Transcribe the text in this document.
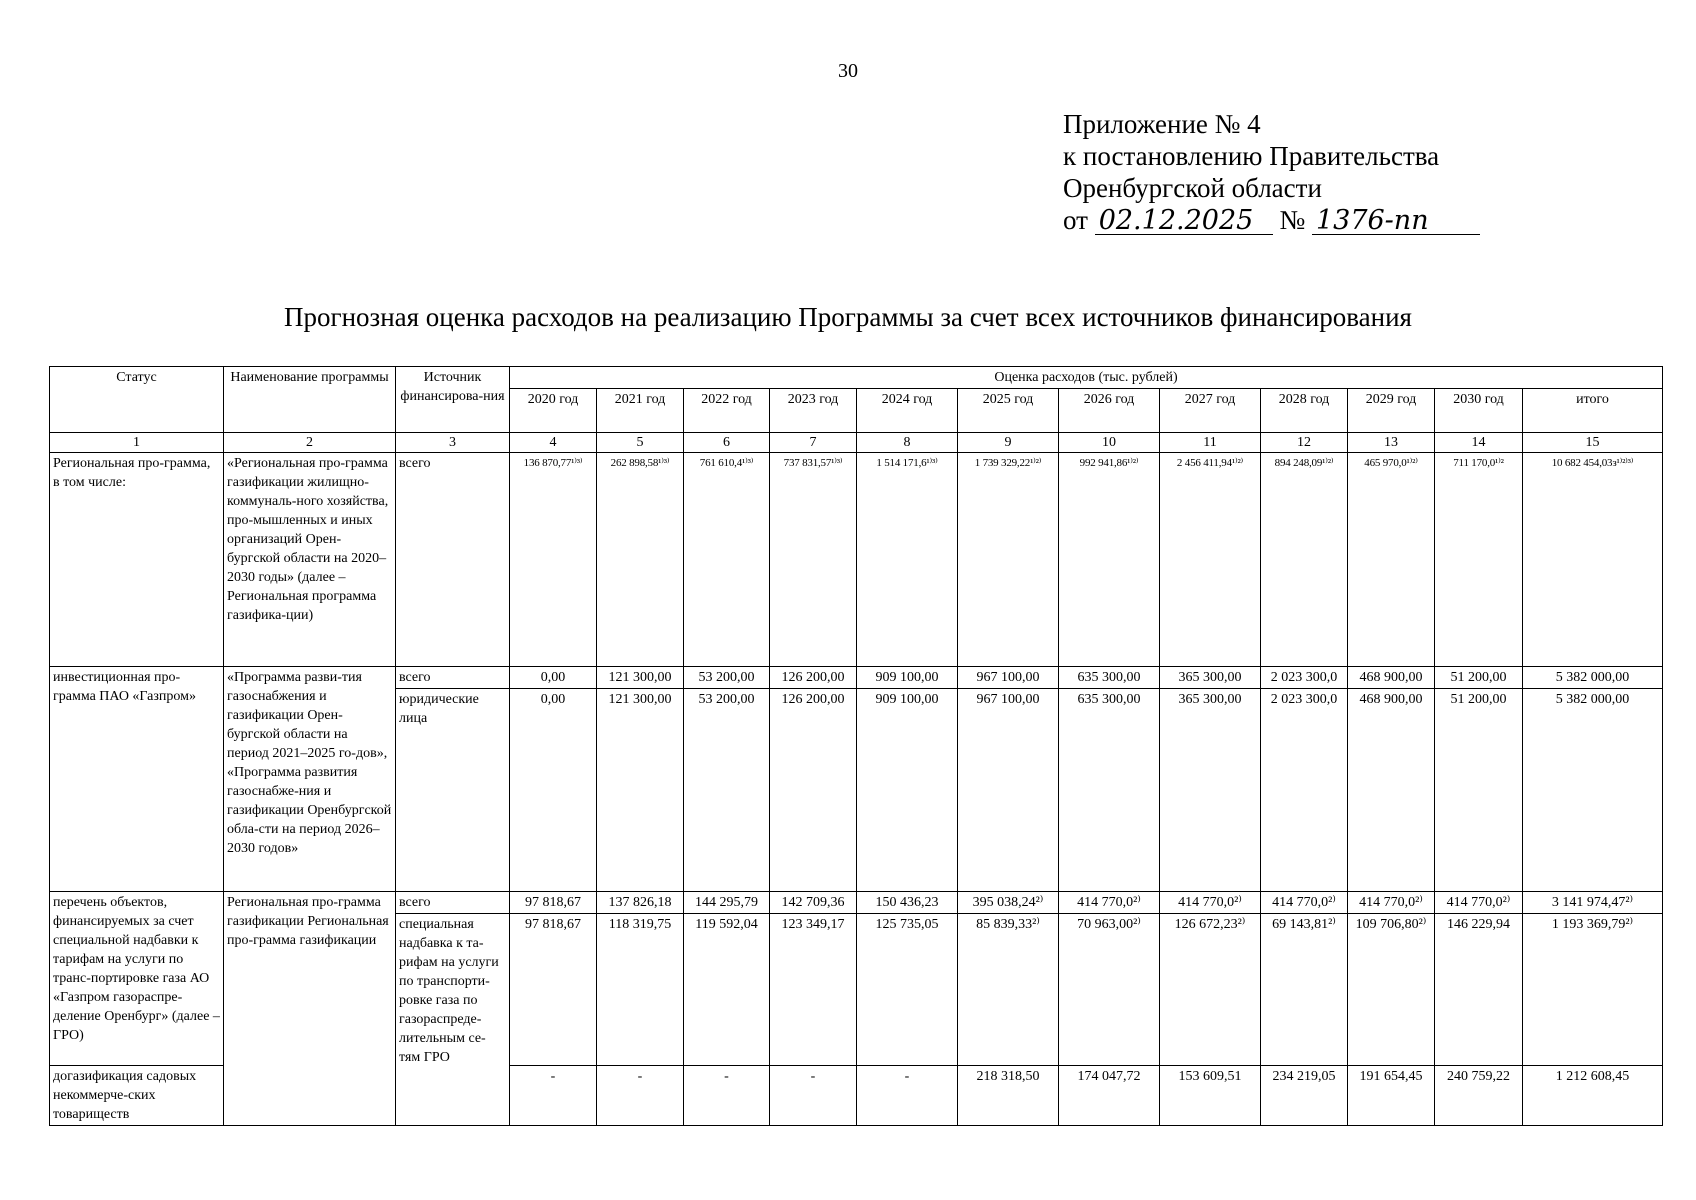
30
Приложение № 4
к постановлению Правительства
Оренбургской области
от 02.12.2025 № 1376-пп
Прогнозная оценка расходов на реализацию Программы за счет всех источников финансирования
Статус	Наименование программы	Источник финансирова-ния	Оценка расходов (тыс. рублей)											
			2020 год	2021 год	2022 год	2023 год	2024 год	2025 год	2026 год	2027 год	2028 год	2029 год	2030 год	итого
1	2	3	4	5	6	7	8	9	10	11	12	13	14	15
Региональная про-грамма, в том числе:	«Региональная про-грамма газификации жилищно-коммуналь-ного хозяйства, про-мышленных и иных организаций Орен-бургской области на 2020–2030 годы» (далее – Региональная программа газифика-ции)	всего	136 870,77¹⁾³⁾	262 898,58¹⁾³⁾	761 610,4¹⁾³⁾	737 831,57¹⁾³⁾	1 514 171,6¹⁾³⁾	1 739 329,22¹⁾²⁾	992 941,86¹⁾²⁾	2 456 411,94¹⁾²⁾	894 248,09¹⁾²⁾	465 970,0¹⁾²⁾	711 170,0¹⁾²	10 682 454,03з¹⁾²⁾³⁾
инвестиционная про-грамма ПАО «Газпром»	«Программа разви-тия газоснабжения и газификации Орен-бургской области на период 2021–2025 го-дов», «Программа развития газоснабже-ния и газификации Оренбургской обла-сти на период 2026–2030 годов»	всего	0,00	121 300,00	53 200,00	126 200,00	909 100,00	967 100,00	635 300,00	365 300,00	2 023 300,0	468 900,00	51 200,00	5 382 000,00
		юридические лица	0,00	121 300,00	53 200,00	126 200,00	909 100,00	967 100,00	635 300,00	365 300,00	2 023 300,0	468 900,00	51 200,00	5 382 000,00
перечень объектов, финансируемых за счет специальной надбавки к тарифам на услуги по транс-портировке газа АО «Газпром газораспре-деление Оренбург» (далее – ГРО)	Региональная про-грамма газификации Региональная про-грамма газификации	всего	97 818,67	137 826,18	144 295,79	142 709,36	150 436,23	395 038,24²⁾	414 770,0²⁾	414 770,0²⁾	414 770,0²⁾	414 770,0²⁾	414 770,0²⁾	3 141 974,47²⁾
		специальная надбавка к та-рифам на услуги по транспорти-ровке газа по газораспреде-лительным се-тям ГРО	97 818,67	118 319,75	119 592,04	123 349,17	125 735,05	85 839,33²⁾	70 963,00²⁾	126 672,23²⁾	69 143,81²⁾	109 706,80²⁾	146 229,94	1 193 369,79²⁾
догазификация садовых некоммерче-ских товариществ			-	-	-	-	-	218 318,50	174 047,72	153 609,51	234 219,05	191 654,45	240 759,22	1 212 608,45
